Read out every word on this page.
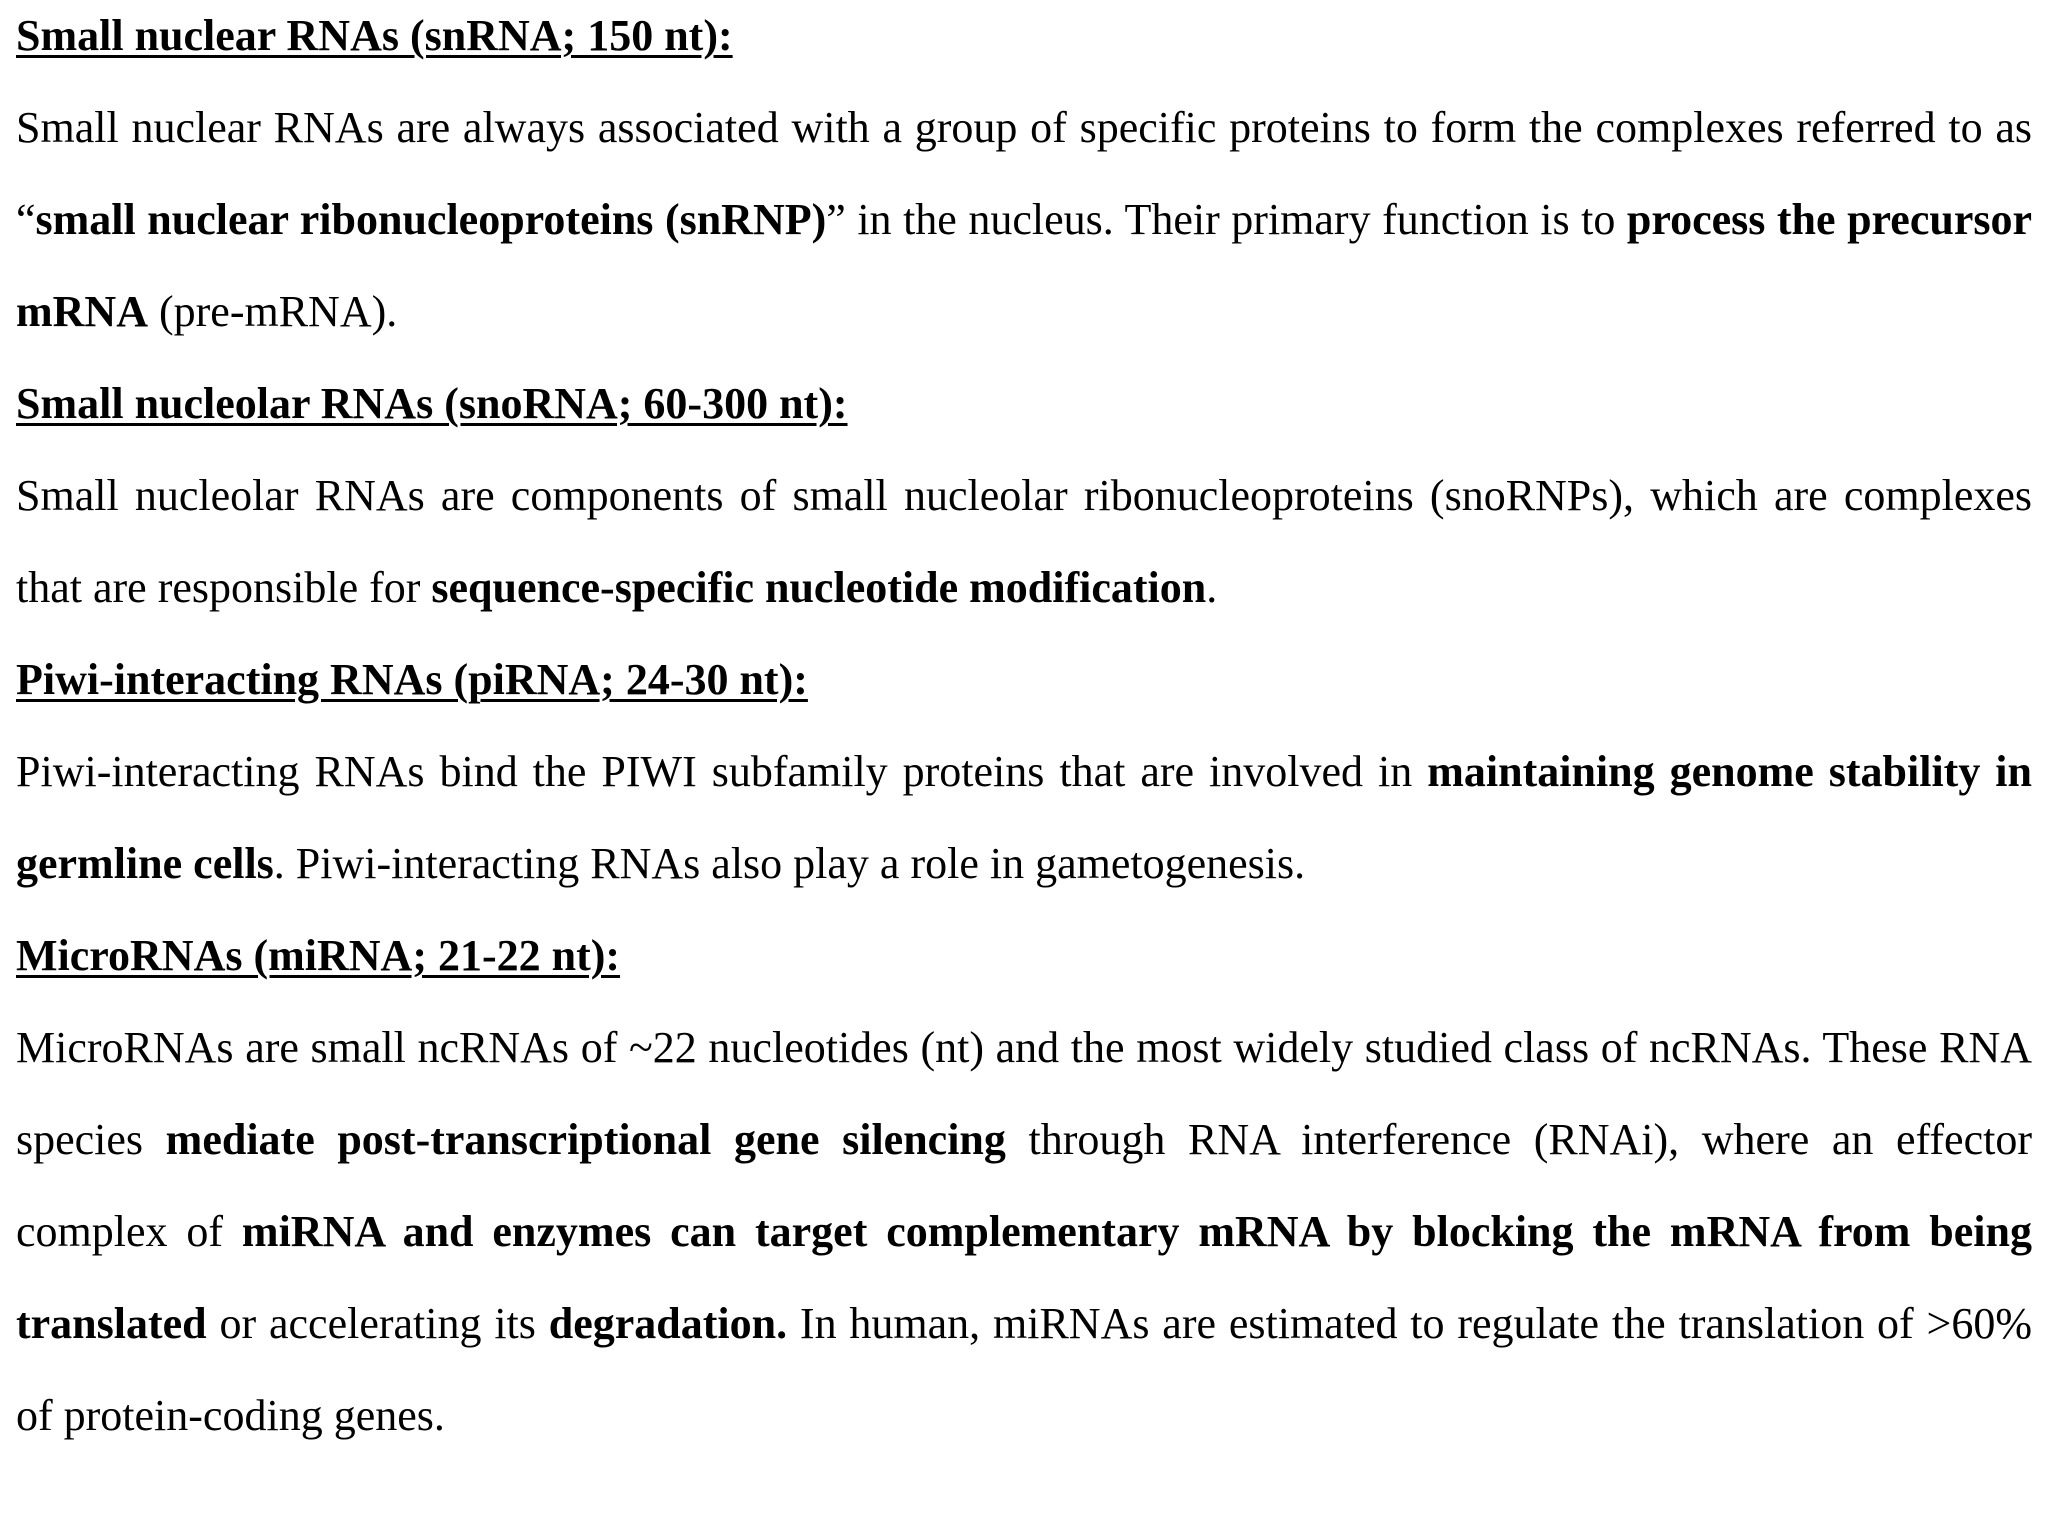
Small nuclear RNAs (snRNA; 150 nt):

Small nuclear RNAs are always associated with a group of specific proteins to form the complexes referred to as “small nuclear ribonucleoproteins (snRNP)” in the nucleus. Their primary function is to process the precursor mRNA (pre-mRNA).

Small nucleolar RNAs (snoRNA; 60-300 nt):

Small nucleolar RNAs are components of small nucleolar ribonucleoproteins (snoRNPs), which are complexes that are responsible for sequence-specific nucleotide modification.

Piwi-interacting RNAs (piRNA; 24-30 nt):

Piwi-interacting RNAs bind the PIWI subfamily proteins that are involved in maintaining genome stability in germline cells. Piwi-interacting RNAs also play a role in gametogenesis.

MicroRNAs (miRNA; 21-22 nt):

MicroRNAs are small ncRNAs of ~22 nucleotides (nt) and the most widely studied class of ncRNAs. These RNA species mediate post-transcriptional gene silencing through RNA interference (RNAi), where an effector complex of miRNA and enzymes can target complementary mRNA by blocking the mRNA from being translated or accelerating its degradation. In human, miRNAs are estimated to regulate the translation of >60% of protein-coding genes.
